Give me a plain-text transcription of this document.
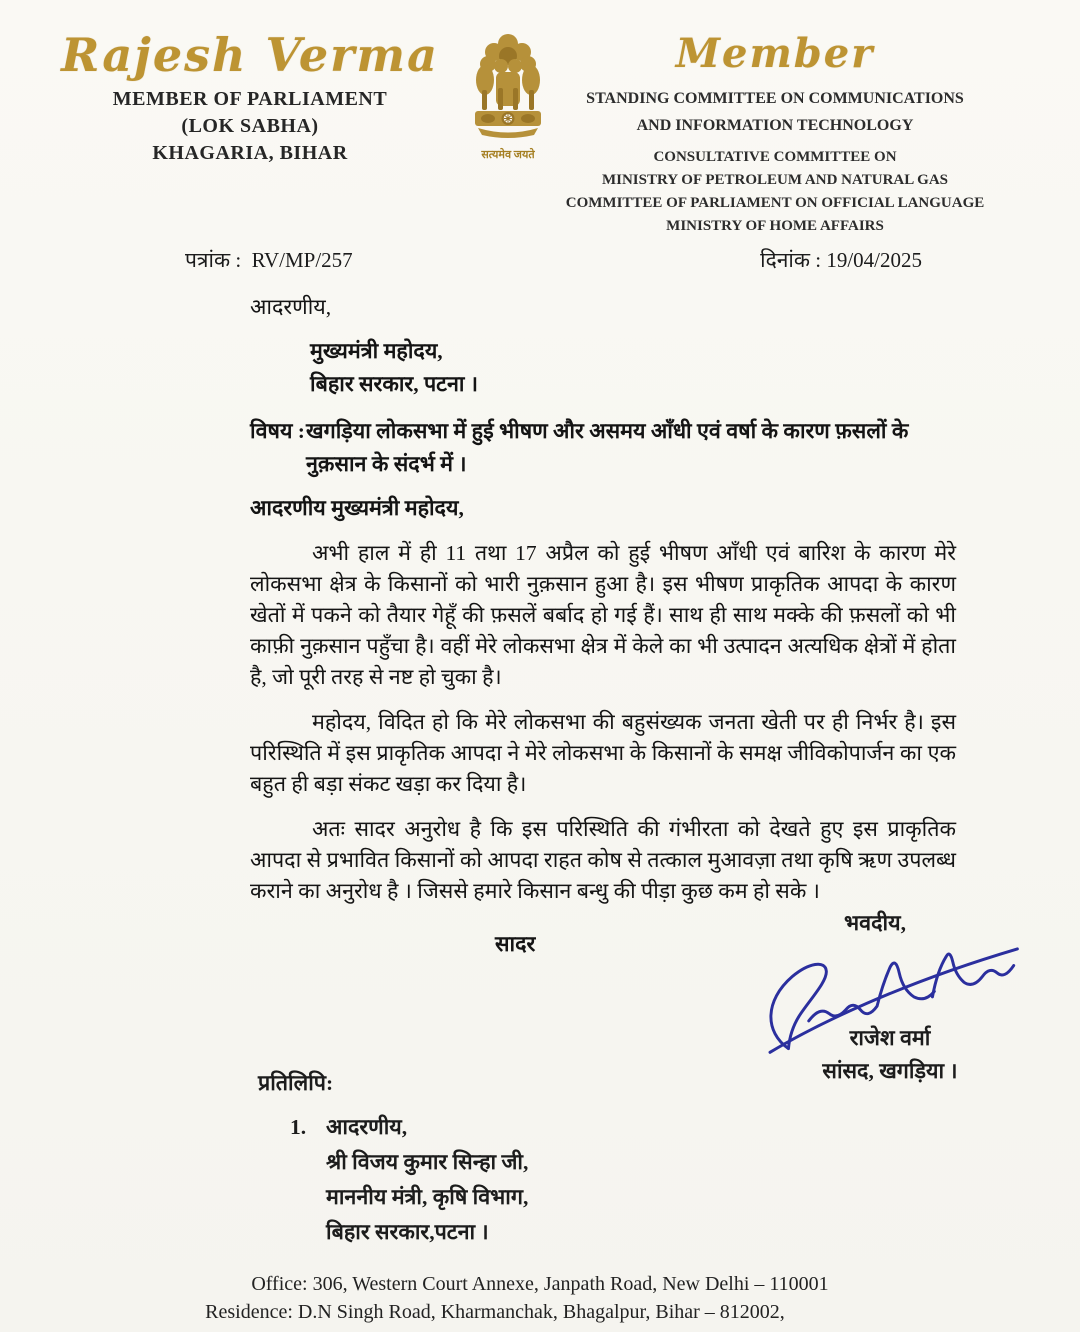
Rajesh Verma
MEMBER OF PARLIAMENT
(LOK SABHA)
KHAGARIA, BIHAR	सत्यमेव जयते
Member
STANDING COMMITTEE ON COMMUNICATIONS
AND INFORMATION TECHNOLOGY
CONSULTATIVE COMMITTEE ON
MINISTRY OF PETROLEUM AND NATURAL GAS
COMMITTEE OF PARLIAMENT ON OFFICIAL LANGUAGE
MINISTRY OF HOME AFFAIRS
पत्रांक : RV/MP/257	दिनांक : 19/04/2025
आदरणीय,
मुख्यमंत्री महोदय,
बिहार सरकार, पटना ।
विषय : खगड़िया लोकसभा में हुई भीषण और असमय आँधी एवं वर्षा के कारण फ़सलों के नुक़सान के संदर्भ में ।
आदरणीय मुख्यमंत्री महोदय,
अभी हाल में ही 11 तथा 17 अप्रैल को हुई भीषण आँधी एवं बारिश के कारण मेरे लोकसभा क्षेत्र के किसानों को भारी नुक़सान हुआ है। इस भीषण प्राकृतिक आपदा के कारण खेतों में पकने को तैयार गेहूँ की फ़सलें बर्बाद हो गई हैं। साथ ही साथ मक्के की फ़सलों को भी काफ़ी नुक़सान पहुँचा है। वहीं मेरे लोकसभा क्षेत्र में केले का भी उत्पादन अत्यधिक क्षेत्रों में होता है, जो पूरी तरह से नष्ट हो चुका है।
महोदय, विदित हो कि मेरे लोकसभा की बहुसंख्यक जनता खेती पर ही निर्भर है। इस परिस्थिति में इस प्राकृतिक आपदा ने मेरे लोकसभा के किसानों के समक्ष जीविकोपार्जन का एक बहुत ही बड़ा संकट खड़ा कर दिया है।
अतः सादर अनुरोध है कि इस परिस्थिति की गंभीरता को देखते हुए इस प्राकृतिक आपदा से प्रभावित किसानों को आपदा राहत कोष से तत्काल मुआवज़ा तथा कृषि ऋण उपलब्ध कराने का अनुरोध है । जिससे हमारे किसान बन्धु की पीड़ा कुछ कम हो सके ।
सादर
भवदीय,
राजेश वर्मा
सांसद, खगड़िया ।
प्रतिलिपि:
1. आदरणीय,
श्री विजय कुमार सिन्हा जी,
माननीय मंत्री, कृषि विभाग,
बिहार सरकार,पटना ।
Office: 306, Western Court Annexe, Janpath Road, New Delhi – 110001
Residence: D.N Singh Road, Kharmanchak, Bhagalpur, Bihar – 812002,
